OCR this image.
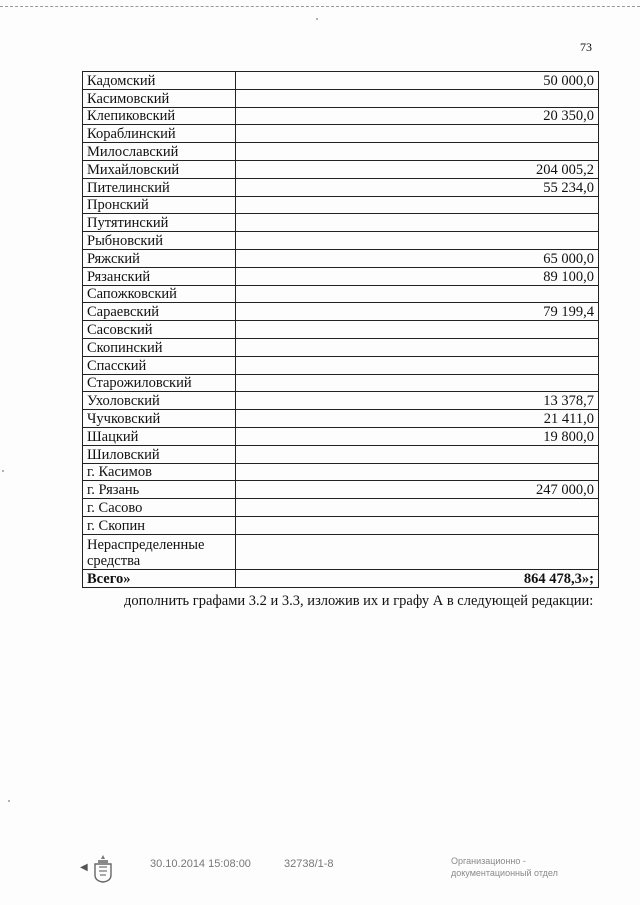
73
Кадомский	50 000,0
Касимовский	
Клепиковский	20 350,0
Кораблинский	
Милославский	
Михайловский	204 005,2
Пителинский	55 234,0
Пронский	
Путятинский	
Рыбновский	
Ряжский	65 000,0
Рязанский	89 100,0
Сапожковский	
Сараевский	79 199,4
Сасовский	
Скопинский	
Спасский	
Старожиловский	
Ухоловский	13 378,7
Чучковский	21 411,0
Шацкий	19 800,0
Шиловский	
г. Касимов	
г. Рязань	247 000,0
г. Сасово	
г. Скопин	
Нераспределенные
средства	
Всего»	864 478,3»;
дополнить графами 3.2 и 3.3, изложив их и графу А в следующей редакции:
◀	30.10.2014 15:08:00	32738/1-8	Организационно -
документационный отдел
